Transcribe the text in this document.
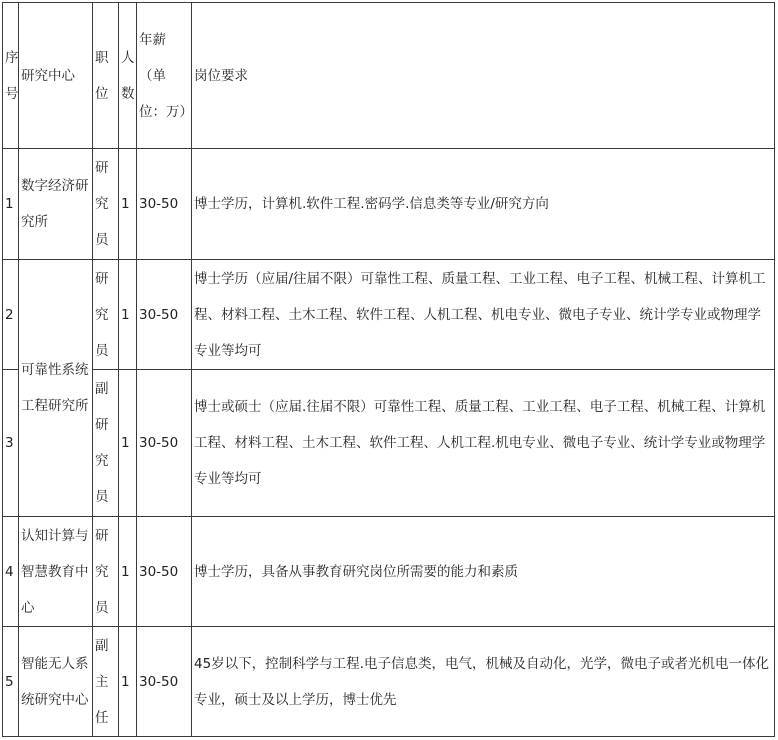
序号	研究中心	职位	人数	年薪（单位：万）	岗位要求
1	数字经济研究所	研究员	1	30-50	博士学历，计算机.软件工程.密码学.信息类等专业/研究方向
2	可靠性系统工程研究所	研究员	1	30-50	博士学历（应届/往届不限）可靠性工程、质量工程、工业工程、电子工程、机械工程、计算机工程、材料工程、土木工程、软件工程、人机工程、机电专业、微电子专业、统计学专业或物理学专业等均可
3		副研究员	1	30-50	博士或硕士（应届.往届不限）可靠性工程、质量工程、工业工程、电子工程、机械工程、计算机工程、材料工程、土木工程、软件工程、人机工程.机电专业、微电子专业、统计学专业或物理学专业等均可
4	认知计算与智慧教育中心	研究员	1	30-50	博士学历，具备从事教育研究岗位所需要的能力和素质
5	智能无人系统研究中心	副主任	1	30-50	45岁以下，控制科学与工程.电子信息类，电气，机械及自动化，光学，微电子或者光机电一体化专业，硕士及以上学历，博士优先
